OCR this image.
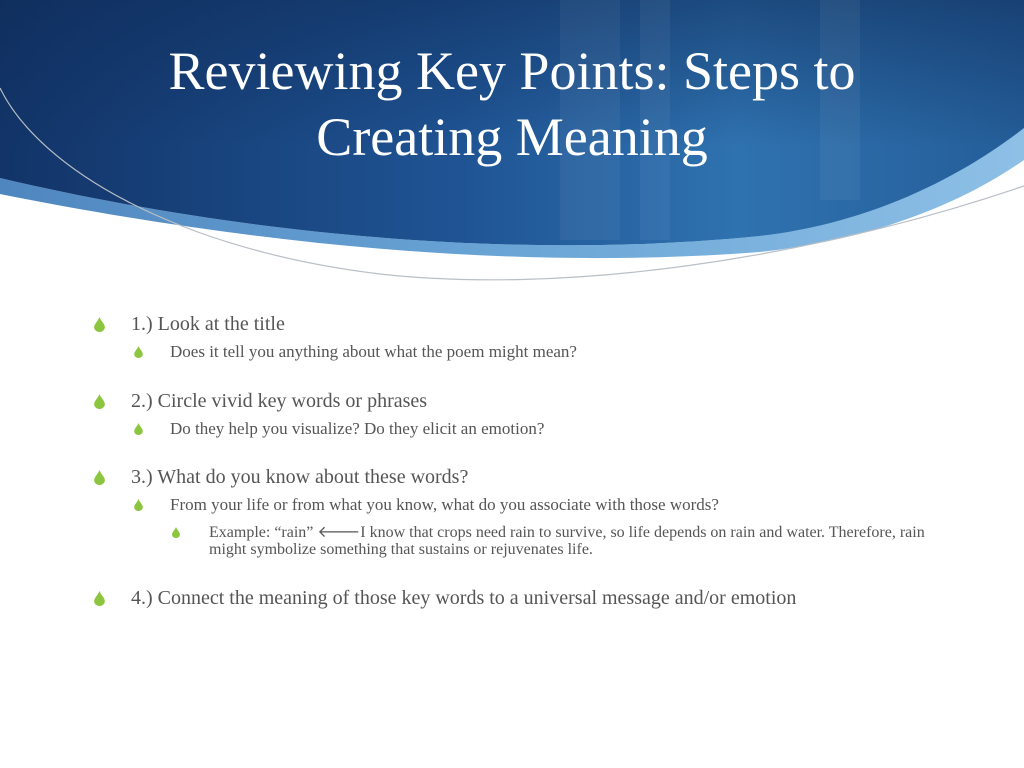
Reviewing Key Points: Steps to
Creating Meaning
1.) Look at the title
Does it tell you anything about what the poem might mean?
2.) Circle vivid key words or phrases
Do they help you visualize? Do they elicit an emotion?
3.) What do you know about these words?
From your life or from what you know, what do you associate with those words?
Example: “rain” 🡐I know that crops need rain to survive, so life depends on rain and water. Therefore, rain might symbolize something that sustains or rejuvenates life.
4.) Connect the meaning of those key words to a universal message and/or emotion
